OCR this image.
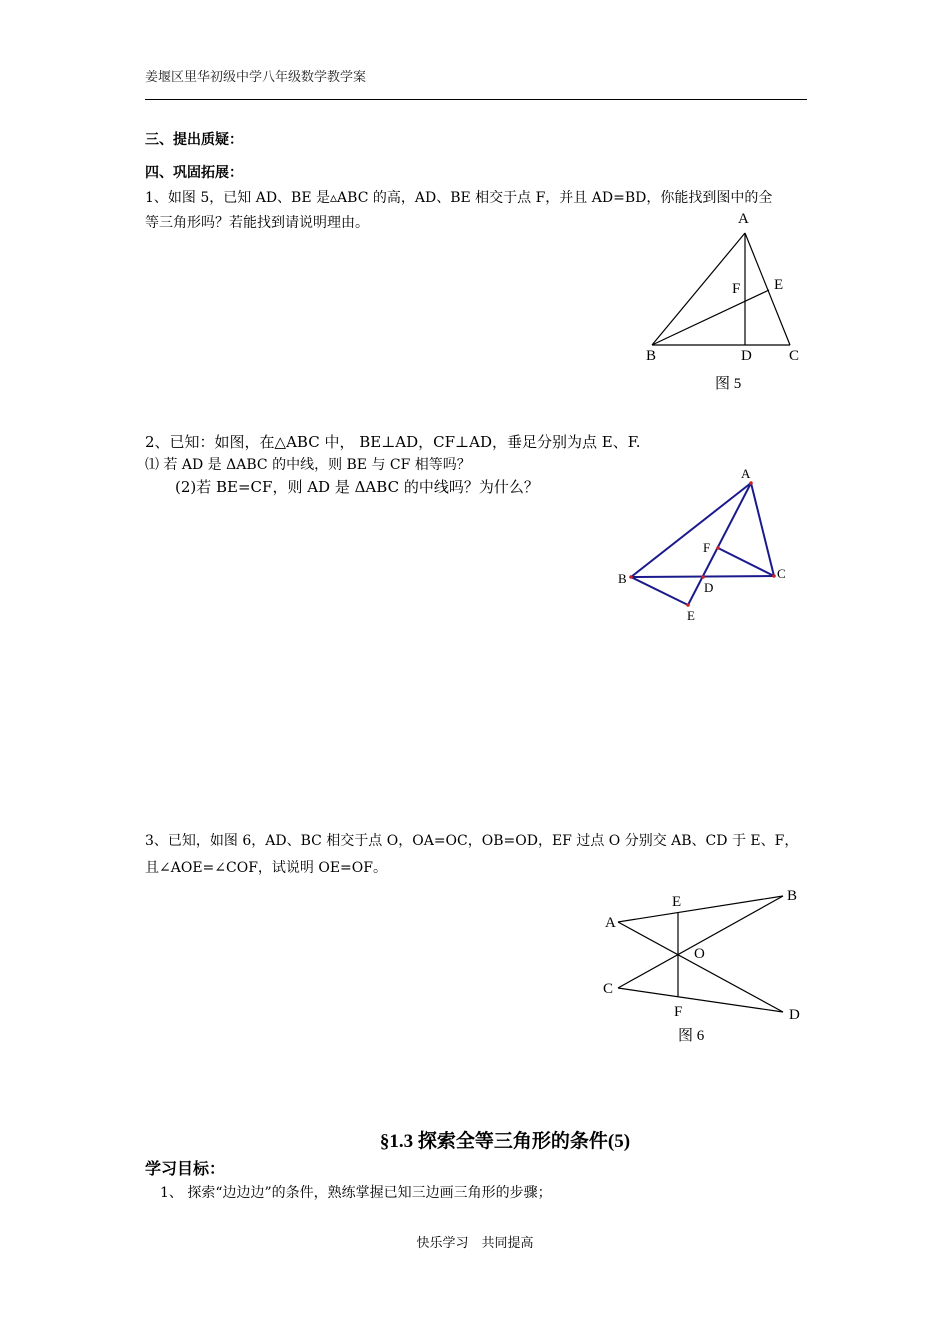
姜堰区里华初级中学八年级数学教学案
三、提出质疑：
四、巩固拓展：
1、如图 5，已知 AD、BE 是▵ABC 的高，AD、BE 相交于点 F，并且 AD=BD，你能找到图中的全
等三角形吗？若能找到请说明理由。	A
B	C
D
E
F
图 5
2、已知：如图，在△ABC 中， BE⊥AD，CF⊥AD，垂足分别为点 E、F.
⑴ 若 AD 是 ΔABC 的中线，则 BE 与 CF 相等吗？
(2)若 BE=CF，则 AD 是 ΔABC 的中线吗？为什么？
A
B	C
D
E
F
3、已知，如图 6，AD、BC 相交于点 O，OA=OC，OB=OD，EF 过点 O 分别交 AB、CD 于 E、F，
且∠AOE=∠COF，试说明 OE=OF。
A
B
C
D
E
F
O
图 6
§1.3 探索全等三角形的条件(5)
学习目标：
1、 探索“边边边”的条件，熟练掌握已知三边画三角形的步骤；
快乐学习　共同提高
